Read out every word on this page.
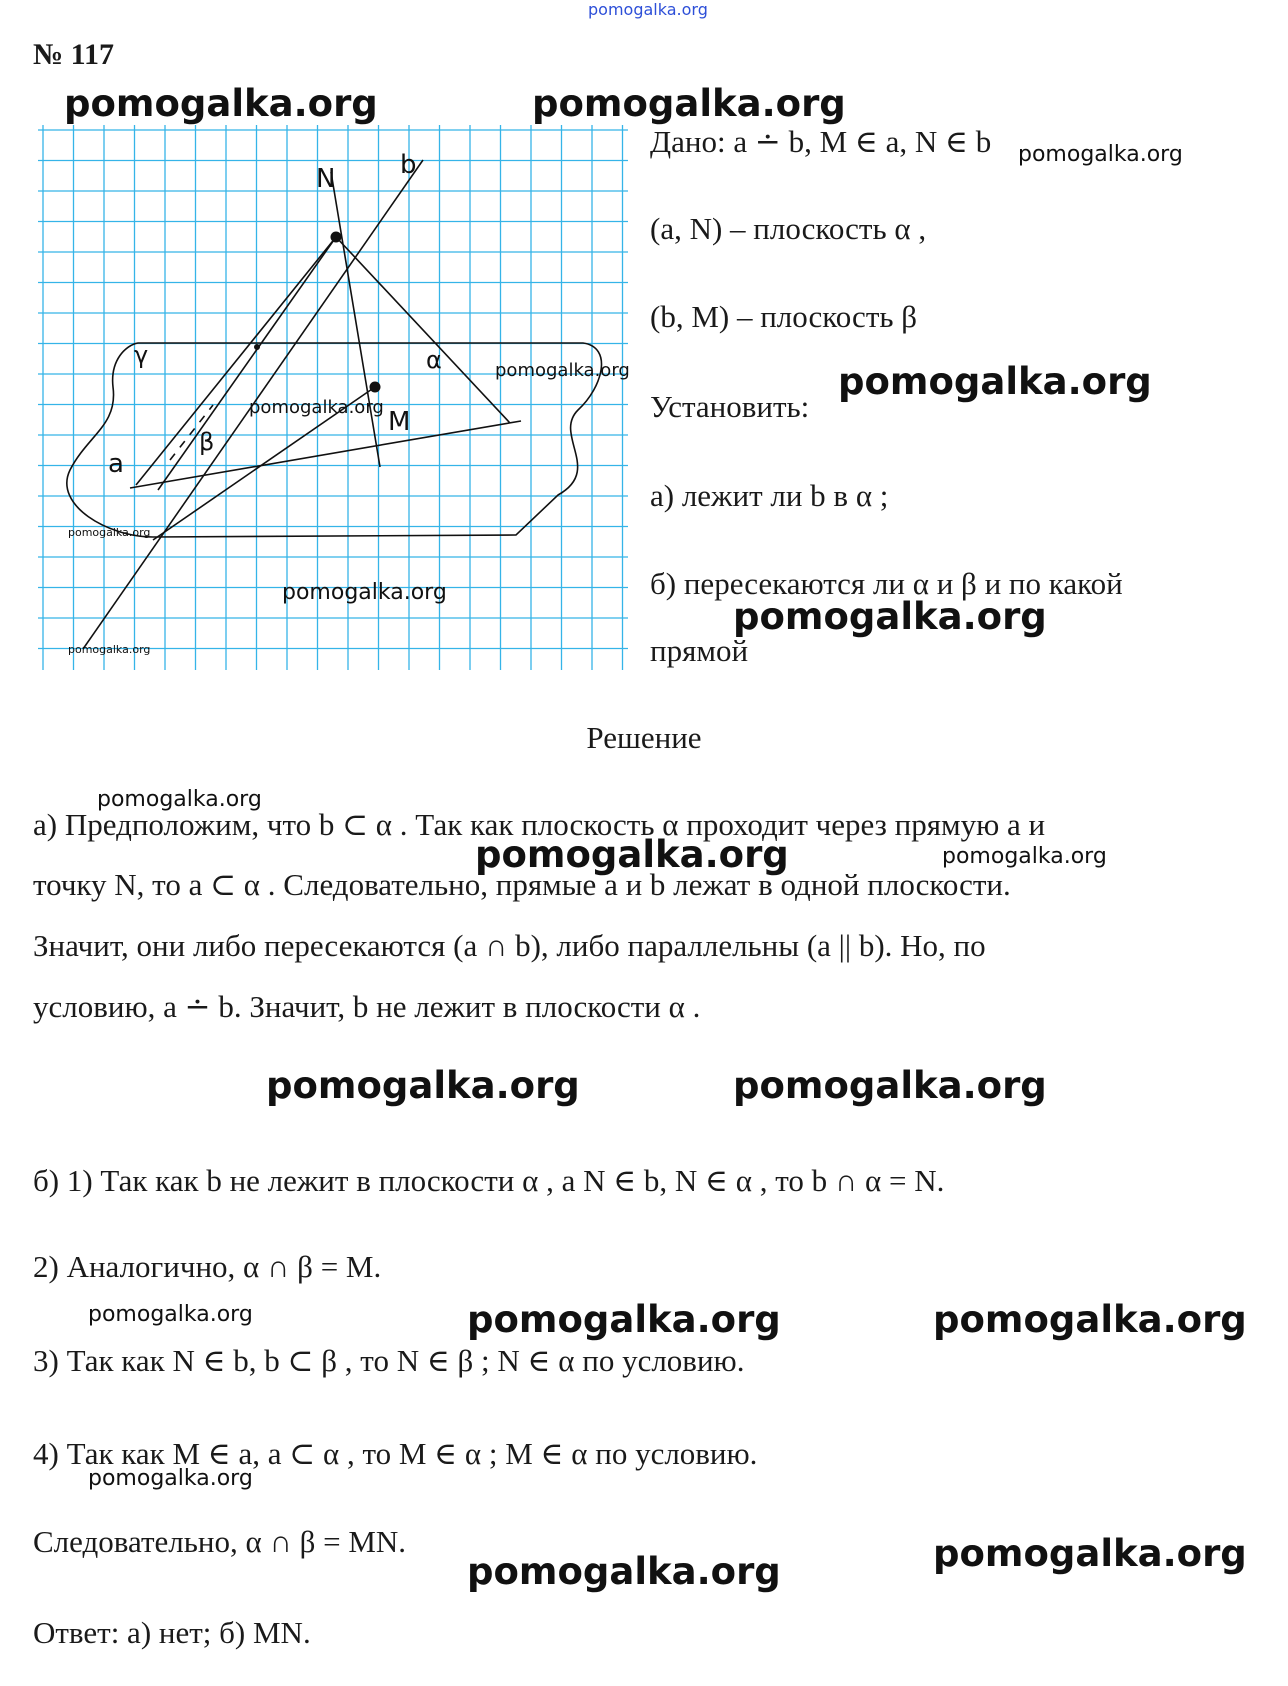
pomogalka.org
№ 117
N b
M
a
γ	α
β
Дано: a ∸ b, M ∈ a, N ∈ b
(a, N) – плоскость α ,
(b, M) – плоскость β
Установить:
а) лежит ли b в α ;
б) пересекаются ли α и β и по какой
прямой
Решение
а) Предположим, что b ⊂ α . Так как плоскость α проходит через прямую а и
точку N, то a ⊂ α . Следовательно, прямые а и b лежат в одной плоскости.
Значит, они либо пересекаются (a ∩ b), либо параллельны (a || b). Но, по
условию, a ∸ b. Значит, b не лежит в плоскости α .
б) 1) Так как b не лежит в плоскости α , а N ∈ b, N ∈ α , то b ∩ α = N.
2) Аналогично, α ∩ β = M.
3) Так как N ∈ b, b ⊂ β , то N ∈ β ; N ∈ α по условию.
4) Так как M ∈ a, a ⊂ α , то M ∈ α ; M ∈ α по условию.
Следовательно, α ∩ β = MN.
Ответ: а) нет; б) MN.
pomogalka.org	pomogalka.org
pomogalka.org
pomogalka.org	pomogalka.org
pomogalka.org
pomogalka.org
pomogalka.org
pomogalka.org
pomogalka.org
pomogalka.org
pomogalka.org	pomogalka.org
pomogalka.org	pomogalka.org
pomogalka.org	pomogalka.org	pomogalka.org
pomogalka.org
pomogalka.org
pomogalka.org
